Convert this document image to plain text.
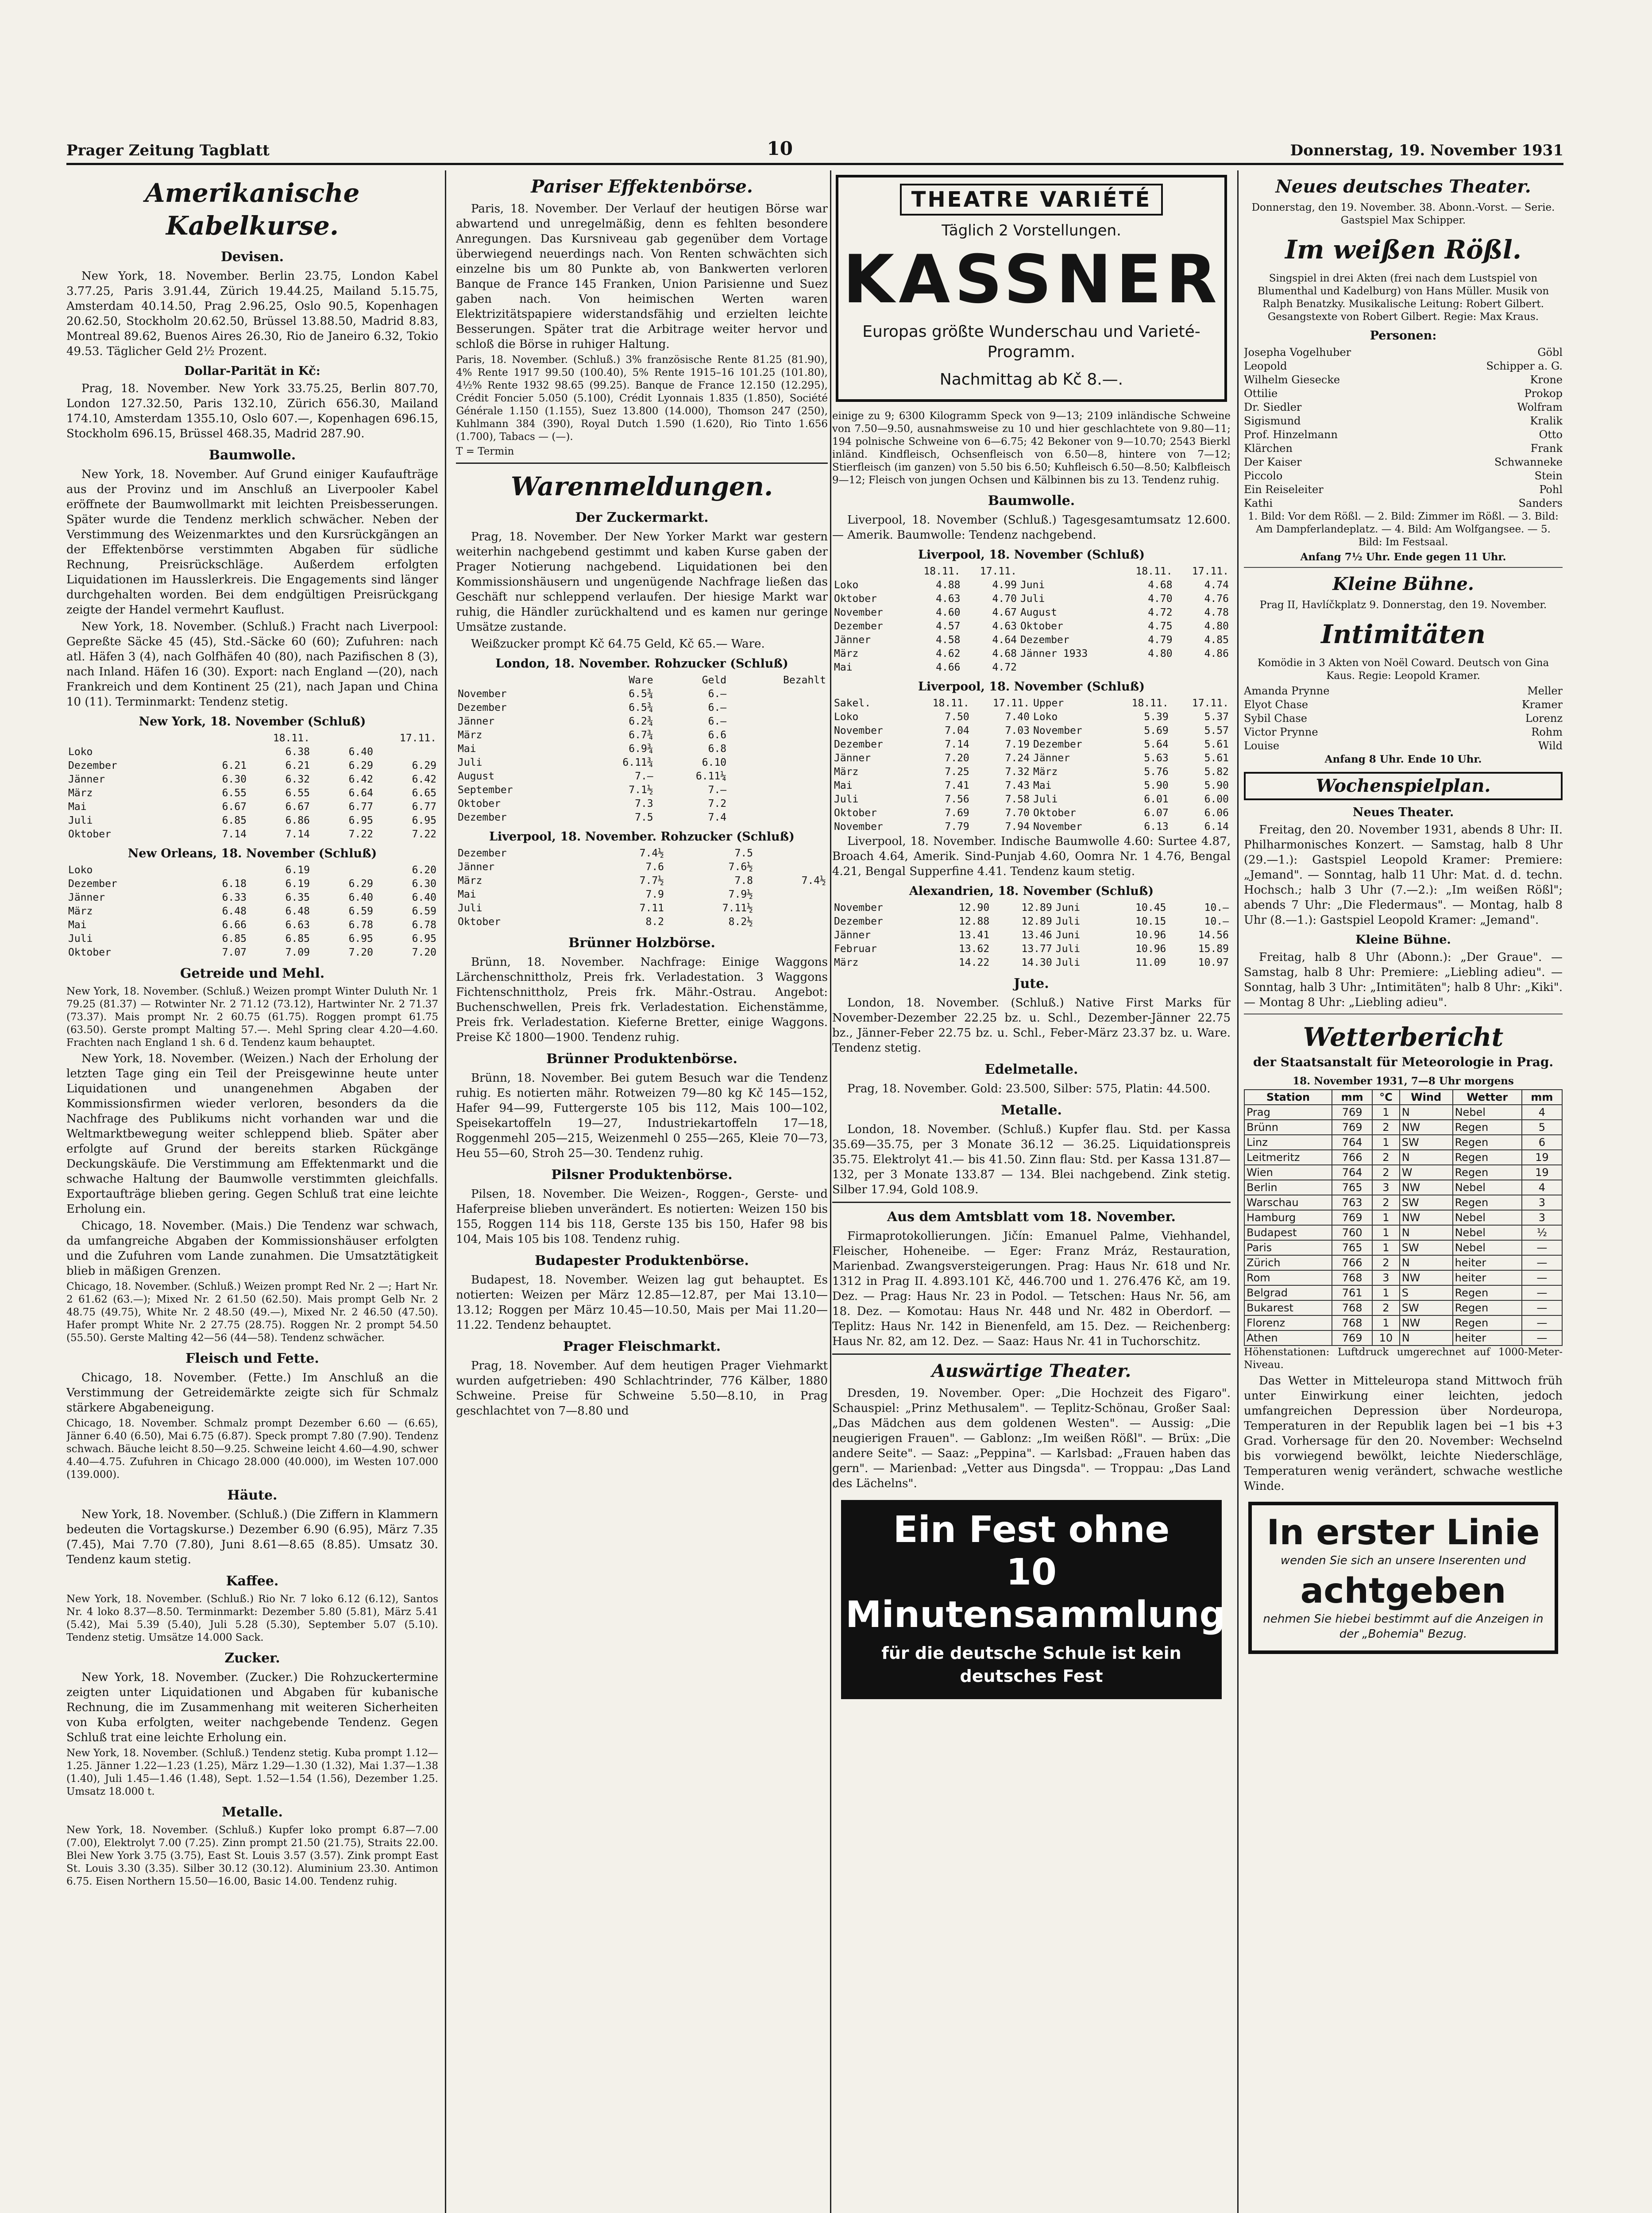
Prager Zeitung Tagblatt	10	Donnerstag, 19. November 1931
Amerikanische Kabelkurse.
Devisen.

New York, 18. November. Berlin 23.75, London Kabel 3.77.25, Paris 3.91.44, Zürich 19.44.25, Mailand 5.15.75, Amsterdam 40.14.50, Prag 2.96.25, Oslo 90.5, Kopenhagen 20.62.50, Stockholm 20.62.50, Brüssel 13.88.50, Madrid 8.83, Montreal 89.62, Buenos Aires 26.30, Rio de Janeiro 6.32, Tokio 49.53. Täglicher Geld 2½ Prozent.

Dollar-Parität in Kč:

Prag, 18. November. New York 33.75.25, Berlin 807.70, London 127.32.50, Paris 132.10, Zürich 656.30, Mailand 174.10, Amsterdam 1355.10, Oslo 607.—, Kopenhagen 696.15, Stockholm 696.15, Brüssel 468.35, Madrid 287.90.

Baumwolle.

New York, 18. November. Auf Grund einiger Kaufaufträge aus der Provinz und im Anschluß an Liverpooler Kabel eröffnete der Baumwollmarkt mit leichten Preisbesserungen. Später wurde die Tendenz merklich schwächer. Neben der Verstimmung des Weizenmarktes und den Kursrückgängen an der Effektenbörse verstimmten Abgaben für südliche Rechnung, Preisrückschläge. Außerdem erfolgten Liquidationen im Hausslerkreis. Die Engagements sind länger durchgehalten worden. Bei dem endgültigen Preisrückgang zeigte der Handel vermehrt Kauflust.

New York, 18. November. (Schluß.) Fracht nach Liverpool: Gepreßte Säcke 45 (45), Std.-Säcke 60 (60); Zufuhren: nach atl. Häfen 3 (4), nach Golfhäfen 40 (80), nach Pazifischen 8 (3), nach Inland. Häfen 16 (30). Export: nach England —(20), nach Frankreich und dem Kontinent 25 (21), nach Japan und China 10 (11). Terminmarkt: Tendenz stetig.

New York, 18. November (Schluß)
	18.11.		17.11.	
Loko		6.38	6.40	
Dezember	6.21	6.21	6.29	6.29
Jänner	6.30	6.32	6.42	6.42
März	6.55	6.55	6.64	6.65
Mai	6.67	6.67	6.77	6.77
Juli	6.85	6.86	6.95	6.95
Oktober	7.14	7.14	7.22	7.22
New Orleans, 18. November (Schluß)
Loko		6.19		6.20
Dezember	6.18	6.19	6.29	6.30
Jänner	6.33	6.35	6.40	6.40
März	6.48	6.48	6.59	6.59
Mai	6.66	6.63	6.78	6.78
Juli	6.85	6.85	6.95	6.95
Oktober	7.07	7.09	7.20	7.20
Getreide und Mehl.

New York, 18. November. (Schluß.) Weizen prompt Winter Duluth Nr. 1 79.25 (81.37) — Rotwinter Nr. 2 71.12 (73.12), Hartwinter Nr. 2 71.37 (73.37). Mais prompt Nr. 2 60.75 (61.75). Roggen prompt 61.75 (63.50). Gerste prompt Malting 57.—. Mehl Spring clear 4.20—4.60. Frachten nach England 1 sh. 6 d. Tendenz kaum behauptet.

New York, 18. November. (Weizen.) Nach der Erholung der letzten Tage ging ein Teil der Preisgewinne heute unter Liquidationen und unangenehmen Abgaben der Kommissionsfirmen wieder verloren, besonders da die Nachfrage des Publikums nicht vorhanden war und die Weltmarktbewegung weiter schleppend blieb. Später aber erfolgte auf Grund der bereits starken Rückgänge Deckungskäufe. Die Verstimmung am Effektenmarkt und die schwache Haltung der Baumwolle verstimmten gleichfalls. Exportaufträge blieben gering. Gegen Schluß trat eine leichte Erholung ein.

Chicago, 18. November. (Mais.) Die Tendenz war schwach, da umfangreiche Abgaben der Kommissionshäuser erfolgten und die Zufuhren vom Lande zunahmen. Die Umsatztätigkeit blieb in mäßigen Grenzen.

Chicago, 18. November. (Schluß.) Weizen prompt Red Nr. 2 —; Hart Nr. 2 61.62 (63.—); Mixed Nr. 2 61.50 (62.50). Mais prompt Gelb Nr. 2 48.75 (49.75), White Nr. 2 48.50 (49.—), Mixed Nr. 2 46.50 (47.50). Hafer prompt White Nr. 2 27.75 (28.75). Roggen Nr. 2 prompt 54.50 (55.50). Gerste Malting 42—56 (44—58). Tendenz schwächer.

Fleisch und Fette.

Chicago, 18. November. (Fette.) Im Anschluß an die Verstimmung der Getreidemärkte zeigte sich für Schmalz stärkere Abgabeneigung.

Chicago, 18. November. Schmalz prompt Dezember 6.60 — (6.65), Jänner 6.40 (6.50), Mai 6.75 (6.87). Speck prompt 7.80 (7.90). Tendenz schwach. Bäuche leicht 8.50—9.25. Schweine leicht 4.60—4.90, schwer 4.40—4.75. Zufuhren in Chicago 28.000 (40.000), im Westen 107.000 (139.000).

Häute.

New York, 18. November. (Schluß.) (Die Ziffern in Klammern bedeuten die Vortagskurse.) Dezember 6.90 (6.95), März 7.35 (7.45), Mai 7.70 (7.80), Juni 8.61—8.65 (8.85). Umsatz 30. Tendenz kaum stetig.

Kaffee.

New York, 18. November. (Schluß.) Rio Nr. 7 loko 6.12 (6.12), Santos Nr. 4 loko 8.37—8.50. Terminmarkt: Dezember 5.80 (5.81), März 5.41 (5.42), Mai 5.39 (5.40), Juli 5.28 (5.30), September 5.07 (5.10). Tendenz stetig. Umsätze 14.000 Sack.

Zucker.

New York, 18. November. (Zucker.) Die Rohzuckertermine zeigten unter Liquidationen und Abgaben für kubanische Rechnung, die im Zusammenhang mit weiteren Sicherheiten von Kuba erfolgten, weiter nachgebende Tendenz. Gegen Schluß trat eine leichte Erholung ein.

New York, 18. November. (Schluß.) Tendenz stetig. Kuba prompt 1.12—1.25. Jänner 1.22—1.23 (1.25), März 1.29—1.30 (1.32), Mai 1.37—1.38 (1.40), Juli 1.45—1.46 (1.48), Sept. 1.52—1.54 (1.56), Dezember 1.25. Umsatz 18.000 t.

Metalle.

New York, 18. November. (Schluß.) Kupfer loko prompt 6.87—7.00 (7.00), Elektrolyt 7.00 (7.25). Zinn prompt 21.50 (21.75), Straits 22.00. Blei New York 3.75 (3.75), East St. Louis 3.57 (3.57). Zink prompt East St. Louis 3.30 (3.35). Silber 30.12 (30.12). Aluminium 23.30. Antimon 6.75. Eisen Northern 15.50—16.00, Basic 14.00. Tendenz ruhig.

Pariser Effektenbörse.

Paris, 18. November. Der Verlauf der heutigen Börse war abwartend und unregelmäßig, denn es fehlten besondere Anregungen. Das Kursniveau gab gegenüber dem Vortage überwiegend neuerdings nach. Von Renten schwächten sich einzelne bis um 80 Punkte ab, von Bankwerten verloren Banque de France 145 Franken, Union Parisienne und Suez gaben nach. Von heimischen Werten waren Elektrizitätspapiere widerstandsfähig und erzielten leichte Besserungen. Später trat die Arbitrage weiter hervor und schloß die Börse in ruhiger Haltung.

Paris, 18. November. (Schluß.) 3% französische Rente 81.25 (81.90), 4% Rente 1917 99.50 (100.40), 5% Rente 1915–16 101.25 (101.80), 4½% Rente 1932 98.65 (99.25). Banque de France 12.150 (12.295), Crédit Foncier 5.050 (5.100), Crédit Lyonnais 1.835 (1.850), Société Générale 1.150 (1.155), Suez 13.800 (14.000), Thomson 247 (250), Kuhlmann 384 (390), Royal Dutch 1.590 (1.620), Rio Tinto 1.656 (1.700), Tabacs — (—).

T = Termin

Warenmeldungen.
Der Zuckermarkt.

Prag, 18. November. Der New Yorker Markt war gestern weiterhin nachgebend gestimmt und kaben Kurse gaben der Prager Notierung nachgebend. Liquidationen bei den Kommissionshäusern und ungenügende Nachfrage ließen das Geschäft nur schleppend verlaufen. Der hiesige Markt war ruhig, die Händler zurückhaltend und es kamen nur geringe Umsätze zustande.

Weißzucker prompt Kč 64.75 Geld, Kč 65.— Ware.

London, 18. November. Rohzucker (Schluß)
	Ware	Geld	Bezahlt
November	6.5¾	6.—	
Dezember	6.5¾	6.—	
Jänner	6.2¾	6.—	
März	6.7¾	6.6	
Mai	6.9¾	6.8	
Juli	6.11¾	6.10	
August	7.—	6.11¼	
September	7.1½	7.—	
Oktober	7.3	7.2	
Dezember	7.5	7.4	
Liverpool, 18. November. Rohzucker (Schluß)
Dezember	7.4½	7.5	
Jänner	7.6	7.6½	
März	7.7½	7.8	7.4½
Mai	7.9	7.9½	
Juli	7.11	7.11½	
Oktober	8.2	8.2½	
Brünner Holzbörse.

Brünn, 18. November. Nachfrage: Einige Waggons Lärchenschnittholz, Preis frk. Verladestation. 3 Waggons Fichtenschnittholz, Preis frk. Mähr.-Ostrau. Angebot: Buchenschwellen, Preis frk. Verladestation. Eichenstämme, Preis frk. Verladestation. Kieferne Bretter, einige Waggons. Preise Kč 1800—1900. Tendenz ruhig.

Brünner Produktenbörse.

Brünn, 18. November. Bei gutem Besuch war die Tendenz ruhig. Es notierten mähr. Rotweizen 79—80 kg Kč 145—152, Hafer 94—99, Futtergerste 105 bis 112, Mais 100—102, Speisekartoffeln 19—27, Industriekartoffeln 17—18, Roggenmehl 205—215, Weizenmehl 0 255—265, Kleie 70—73, Heu 55—60, Stroh 25—30. Tendenz ruhig.

Pilsner Produktenbörse.

Pilsen, 18. November. Die Weizen-, Roggen-, Gerste- und Haferpreise blieben unverändert. Es notierten: Weizen 150 bis 155, Roggen 114 bis 118, Gerste 135 bis 150, Hafer 98 bis 104, Mais 105 bis 108. Tendenz ruhig.

Budapester Produktenbörse.

Budapest, 18. November. Weizen lag gut behauptet. Es notierten: Weizen per März 12.85—12.87, per Mai 13.10—13.12; Roggen per März 10.45—10.50, Mais per Mai 11.20—11.22. Tendenz behauptet.

Prager Fleischmarkt.

Prag, 18. November. Auf dem heutigen Prager Viehmarkt wurden aufgetrieben: 490 Schlachtrinder, 776 Kälber, 1880 Schweine. Preise für Schweine 5.50—8.10, in Prag geschlachtet von 7—8.80 und

THEATRE VARIÉTÉ
Täglich 2 Vorstellungen.
KASSNER
Europas größte Wunderschau und Varieté-Programm.
Nachmittag ab Kč 8.—.

einige zu 9; 6300 Kilogramm Speck von 9—13; 2109 inländische Schweine von 7.50—9.50, ausnahmsweise zu 10 und hier geschlachtete von 9.80—11; 194 polnische Schweine von 6—6.75; 42 Bekoner von 9—10.70; 2543 Bierkl inländ. Kindfleisch, Ochsenfleisch von 6.50—8, hintere von 7—12; Stierfleisch (im ganzen) von 5.50 bis 6.50; Kuhfleisch 6.50—8.50; Kalbfleisch 9—12; Fleisch von jungen Ochsen und Kälbinnen bis zu 13. Tendenz ruhig.

Baumwolle.

Liverpool, 18. November (Schluß.) Tagesgesamtumsatz 12.600. — Amerik. Baumwolle: Tendenz nachgebend.

Liverpool, 18. November (Schluß)
	18.11.	17.11.		18.11.	17.11.
Loko	4.88	4.99	Juni	4.68	4.74
Oktober	4.63	4.70	Juli	4.70	4.76
November	4.60	4.67	August	4.72	4.78
Dezember	4.57	4.63	Oktober	4.75	4.80
Jänner	4.58	4.64	Dezember	4.79	4.85
März	4.62	4.68	Jänner 1933	4.80	4.86
Mai	4.66	4.72			
Liverpool, 18. November (Schluß)
Sakel.	18.11.	17.11.	Upper	18.11.	17.11.
Loko	7.50	7.40	Loko	5.39	5.37
November	7.04	7.03	November	5.69	5.57
Dezember	7.14	7.19	Dezember	5.64	5.61
Jänner	7.20	7.24	Jänner	5.63	5.61
März	7.25	7.32	März	5.76	5.82
Mai	7.41	7.43	Mai	5.90	5.90
Juli	7.56	7.58	Juli	6.01	6.00
Oktober	7.69	7.70	Oktober	6.07	6.06
November	7.79	7.94	November	6.13	6.14

Liverpool, 18. November. Indische Baumwolle 4.60: Surtee 4.87, Broach 4.64, Amerik. Sind-Punjab 4.60, Oomra Nr. 1 4.76, Bengal 4.21, Bengal Supperfine 4.41. Tendenz kaum stetig.

Alexandrien, 18. November (Schluß)
November	12.90	12.89	Juni	10.45	10.—
Dezember	12.88	12.89	Juli	10.15	10.—
Jänner	13.41	13.46	Juni	10.96	14.56
Februar	13.62	13.77	Juli	10.96	15.89
März	14.22	14.30	Juli	11.09	10.97
Jute.

London, 18. November. (Schluß.) Native First Marks für November-Dezember 22.25 bz. u. Schl., Dezember-Jänner 22.75 bz., Jänner-Feber 22.75 bz. u. Schl., Feber-März 23.37 bz. u. Ware. Tendenz stetig.

Edelmetalle.

Prag, 18. November. Gold: 23.500, Silber: 575, Platin: 44.500.

Metalle.

London, 18. November. (Schluß.) Kupfer flau. Std. per Kassa 35.69—35.75, per 3 Monate 36.12 — 36.25. Liquidationspreis 35.75. Elektrolyt 41.— bis 41.50. Zinn flau: Std. per Kassa 131.87—132, per 3 Monate 133.87 — 134. Blei nachgebend. Zink stetig. Silber 17.94, Gold 108.9.

Aus dem Amtsblatt vom 18. November.

Firmaprotokollierungen. Jičín: Emanuel Palme, Viehhandel, Fleischer, Hoheneibe. — Eger: Franz Mráz, Restauration, Marienbad. Zwangsversteigerungen. Prag: Haus Nr. 618 und Nr. 1312 in Prag II. 4.893.101 Kč, 446.700 und 1. 276.476 Kč, am 19. Dez. — Prag: Haus Nr. 23 in Podol. — Tetschen: Haus Nr. 56, am 18. Dez. — Komotau: Haus Nr. 448 und Nr. 482 in Oberdorf. — Teplitz: Haus Nr. 142 in Bienenfeld, am 15. Dez. — Reichenberg: Haus Nr. 82, am 12. Dez. — Saaz: Haus Nr. 41 in Tuchorschitz.

Auswärtige Theater.

Dresden, 19. November. Oper: „Die Hochzeit des Figaro". Schauspiel: „Prinz Methusalem". — Teplitz-Schönau, Großer Saal: „Das Mädchen aus dem goldenen Westen". — Aussig: „Die neugierigen Frauen". — Gablonz: „Im weißen Rößl". — Brüx: „Die andere Seite". — Saaz: „Peppina". — Karlsbad: „Frauen haben das gern". — Marienbad: „Vetter aus Dingsda". — Troppau: „Das Land des Lächelns".

Ein Fest ohne
10 Minutensammlung
für die deutsche Schule ist kein deutsches Fest
Neues deutsches Theater.

Donnerstag, den 19. November. 38. Abonn.-Vorst. — Serie. Gastspiel Max Schipper.

Im weißen Rößl.

Singspiel in drei Akten (frei nach dem Lustspiel von Blumenthal und Kadelburg) von Hans Müller. Musik von Ralph Benatzky. Musikalische Leitung: Robert Gilbert. Gesangstexte von Robert Gilbert. Regie: Max Kraus.

Personen:
Josepha Vogelhuber	Göbl
Leopold	Schipper a. G.
Wilhelm Giesecke	Krone
Ottilie	Prokop
Dr. Siedler	Wolfram
Sigismund	Kralik
Prof. Hinzelmann	Otto
Klärchen	Frank
Der Kaiser	Schwanneke
Piccolo	Stein
Ein Reiseleiter	Pohl
Kathi	Sanders

1. Bild: Vor dem Rößl. — 2. Bild: Zimmer im Rößl. — 3. Bild: Am Dampferlandeplatz. — 4. Bild: Am Wolfgangsee. — 5. Bild: Im Festsaal.

Anfang 7½ Uhr. Ende gegen 11 Uhr.

Kleine Bühne.

Prag II, Havlíčkplatz 9. Donnerstag, den 19. November.

Intimitäten

Komödie in 3 Akten von Noël Coward. Deutsch von Gina Kaus. Regie: Leopold Kramer.

Amanda Prynne	Meller
Elyot Chase	Kramer
Sybil Chase	Lorenz
Victor Prynne	Rohm
Louise	Wild

Anfang 8 Uhr. Ende 10 Uhr.

Wochenspielplan.
Neues Theater.

Freitag, den 20. November 1931, abends 8 Uhr: II. Philharmonisches Konzert. — Samstag, halb 8 Uhr (29.—1.): Gastspiel Leopold Kramer: Premiere: „Jemand". — Sonntag, halb 11 Uhr: Mat. d. d. techn. Hochsch.; halb 3 Uhr (7.—2.): „Im weißen Rößl"; abends 7 Uhr: „Die Fledermaus". — Montag, halb 8 Uhr (8.—1.): Gastspiel Leopold Kramer: „Jemand".

Kleine Bühne.

Freitag, halb 8 Uhr (Abonn.): „Der Graue". — Samstag, halb 8 Uhr: Premiere: „Liebling adieu". — Sonntag, halb 3 Uhr: „Intimitäten"; halb 8 Uhr: „Kiki". — Montag 8 Uhr: „Liebling adieu".

Wetterbericht
der Staatsanstalt für Meteorologie in Prag.

18. November 1931, 7—8 Uhr morgens

Station	mm	°C	Wind	Wetter	mm
Prag	769	1	N	Nebel	4
Brünn	769	2	NW	Regen	5
Linz	764	1	SW	Regen	6
Leitmeritz	766	2	N	Regen	19
Wien	764	2	W	Regen	19
Berlin	765	3	NW	Nebel	4
Warschau	763	2	SW	Regen	3
Hamburg	769	1	NW	Nebel	3
Budapest	760	1	N	Nebel	½
Paris	765	1	SW	Nebel	—
Zürich	766	2	N	heiter	—
Rom	768	3	NW	heiter	—
Belgrad	761	1	S	Regen	—
Bukarest	768	2	SW	Regen	—
Florenz	768	1	NW	Regen	—
Athen	769	10	N	heiter	—

Höhenstationen: Luftdruck umgerechnet auf 1000-Meter-Niveau.

Das Wetter in Mitteleuropa stand Mittwoch früh unter Einwirkung einer leichten, jedoch umfangreichen Depression über Nordeuropa, Temperaturen in der Republik lagen bei −1 bis +3 Grad. Vorhersage für den 20. November: Wechselnd bis vorwiegend bewölkt, leichte Niederschläge, Temperaturen wenig verändert, schwache westliche Winde.

In erster Linie
wenden Sie sich an unsere Inserenten und
achtgeben
nehmen Sie hiebei bestimmt auf die Anzeigen in der „Bohemia" Bezug.
